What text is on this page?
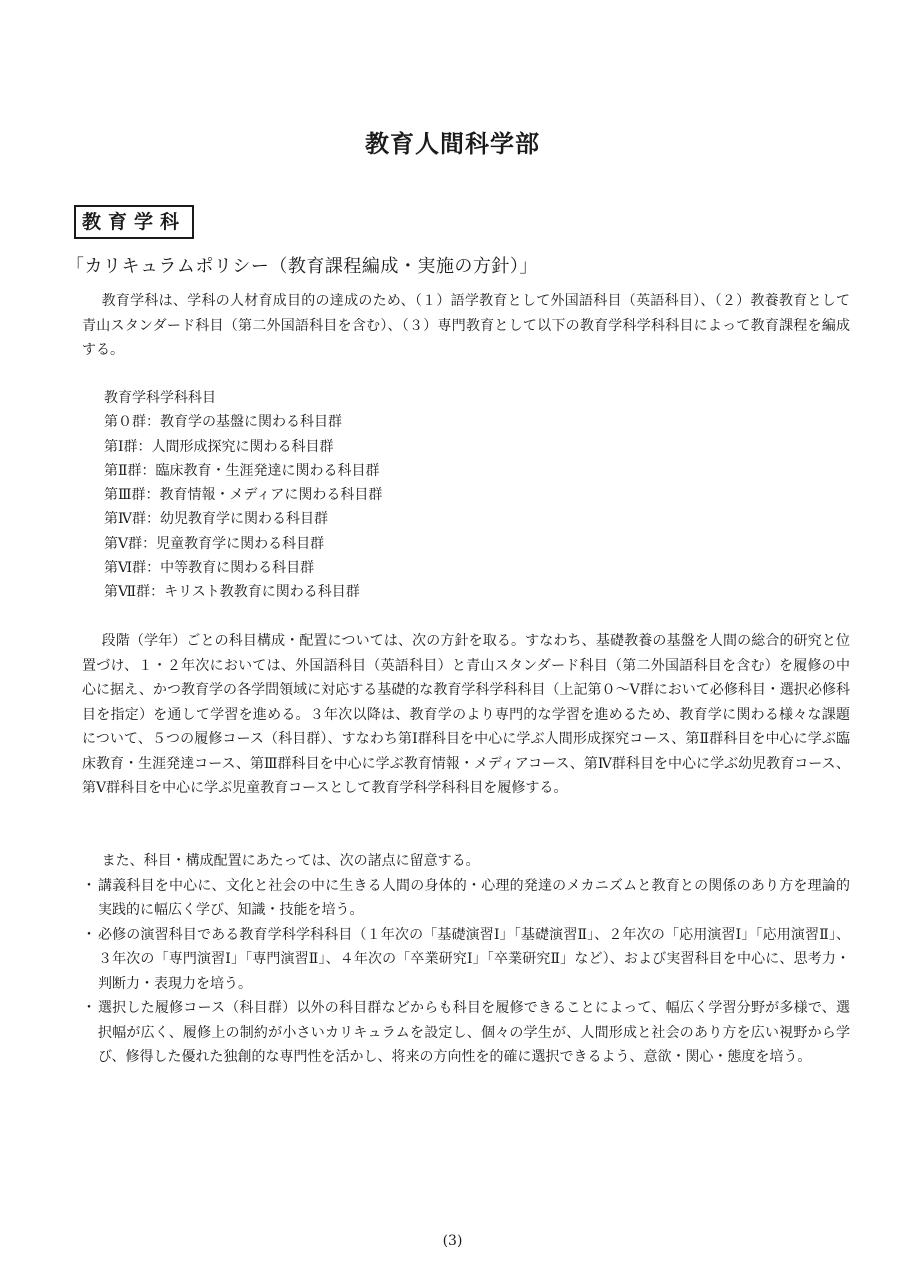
教育人間科学部
教育学科
「カリキュラムポリシー（教育課程編成・実施の方針）」

教育学科は、学科の人材育成目的の達成のため、（１）語学教育として外国語科目（英語科目）、（２）教養教育として青山スタンダード科目（第二外国語科目を含む）、（３）専門教育として以下の教育学科学科科目によって教育課程を編成する。

教育学科学科科目
第０群：教育学の基盤に関わる科目群
第Ⅰ群：人間形成探究に関わる科目群
第Ⅱ群：臨床教育・生涯発達に関わる科目群
第Ⅲ群：教育情報・メディアに関わる科目群
第Ⅳ群：幼児教育学に関わる科目群
第Ⅴ群：児童教育学に関わる科目群
第Ⅵ群：中等教育に関わる科目群
第Ⅶ群：キリスト教教育に関わる科目群

段階（学年）ごとの科目構成・配置については、次の方針を取る。すなわち、基礎教養の基盤を人間の総合的研究と位置づけ、１・２年次においては、外国語科目（英語科目）と青山スタンダード科目（第二外国語科目を含む）を履修の中心に据え、かつ教育学の各学問領域に対応する基礎的な教育学科学科科目（上記第０～Ⅴ群において必修科目・選択必修科目を指定）を通して学習を進める。３年次以降は、教育学のより専門的な学習を進めるため、教育学に関わる様々な課題について、５つの履修コース（科目群）、すなわち第Ⅰ群科目を中心に学ぶ人間形成探究コース、第Ⅱ群科目を中心に学ぶ臨床教育・生涯発達コース、第Ⅲ群科目を中心に学ぶ教育情報・メディアコース、第Ⅳ群科目を中心に学ぶ幼児教育コース、第Ⅴ群科目を中心に学ぶ児童教育コースとして教育学科学科科目を履修する。

また、科目・構成配置にあたっては、次の諸点に留意する。

・ 講義科目を中心に、文化と社会の中に生きる人間の身体的・心理的発達のメカニズムと教育との関係のあり方を理論的実践的に幅広く学び、知識・技能を培う。
・ 必修の演習科目である教育学科学科科目（１年次の「基礎演習Ⅰ」「基礎演習Ⅱ」、２年次の「応用演習Ⅰ」「応用演習Ⅱ」、３年次の「専門演習Ⅰ」「専門演習Ⅱ」、４年次の「卒業研究Ⅰ」「卒業研究Ⅱ」など）、および実習科目を中心に、思考力・判断力・表現力を培う。
・ 選択した履修コース（科目群）以外の科目群などからも科目を履修できることによって、幅広く学習分野が多様で、選択幅が広く、履修上の制約が小さいカリキュラムを設定し、個々の学生が、人間形成と社会のあり方を広い視野から学び、修得した優れた独創的な専門性を活かし、将来の方向性を的確に選択できるよう、意欲・関心・態度を培う。
(3)
